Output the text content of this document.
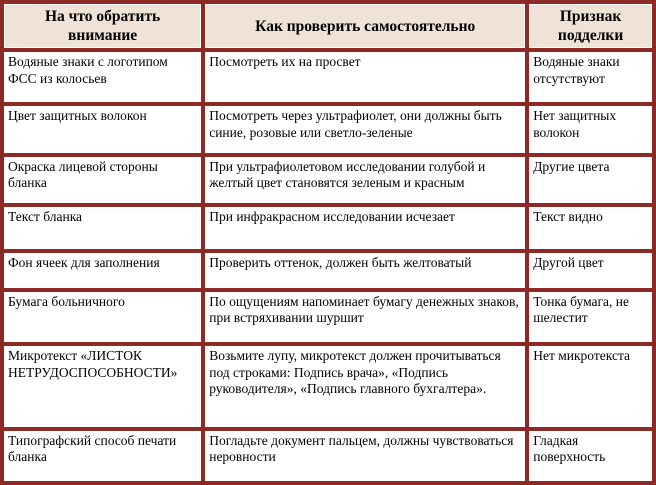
На что обратить внимание	Как проверить самостоятельно	Признак подделки
Водяные знаки с логотипом ФСС из колосьев	Посмотреть их на просвет	Водяные знаки отсутствуют
Цвет защитных волокон	Посмотреть через ультрафиолет, они должны быть синие, розовые или светло-зеленые	Нет защитных волокон
Окраска лицевой стороны бланка	При ультрафиолетовом исследовании голубой и желтый цвет становятся зеленым и красным	Другие цвета
Текст бланка	При инфракрасном исследовании исчезает	Текст видно
Фон ячеек для заполнения	Проверить оттенок, должен быть желтоватый	Другой цвет
Бумага больничного	По ощущениям напоминает бумагу денежных знаков, при встряхивании шуршит	Тонка бумага, не шелестит
Микротекст «ЛИСТОК НЕТРУДОСПОСОБНОСТИ»	Возьмите лупу, микротекст должен прочитываться под строками: Подпись врача», «Подпись руководителя», «Подпись главного бухгалтера».	Нет микротекста
Типографский способ печати бланка	Погладьте документ пальцем, должны чувствоваться неровности	Гладкая поверхность
